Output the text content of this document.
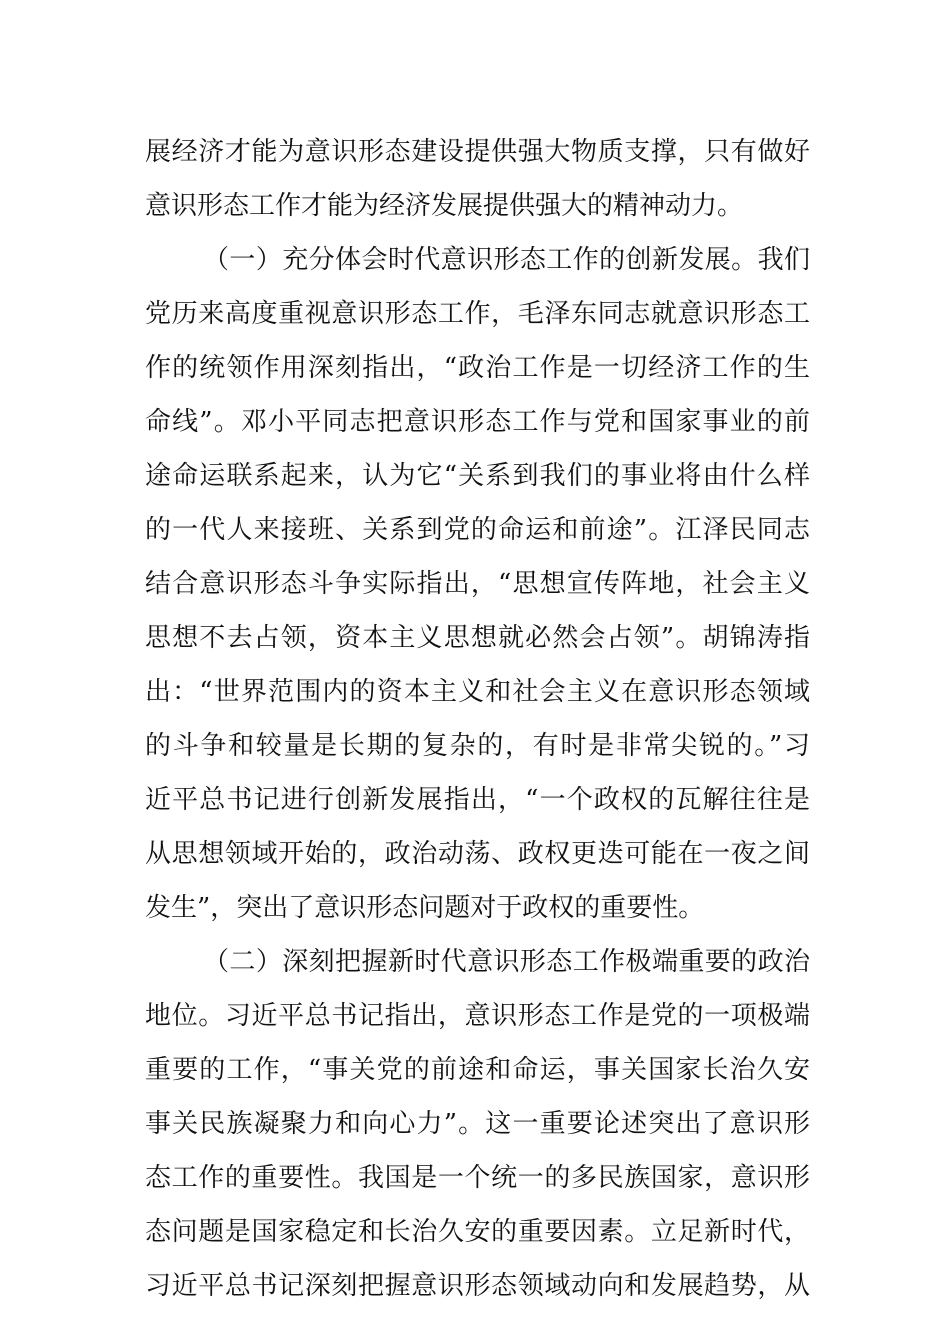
展经济才能为意识形态建设提供强大物质支撑，只有做好
意识形态工作才能为经济发展提供强大的精神动力。
（一）充分体会时代意识形态工作的创新发展。我们
党历来高度重视意识形态工作，毛泽东同志就意识形态工
作的统领作用深刻指出，“政治工作是一切经济工作的生
命线”。邓小平同志把意识形态工作与党和国家事业的前
途命运联系起来，认为它“关系到我们的事业将由什么样
的一代人来接班、关系到党的命运和前途”。江泽民同志
结合意识形态斗争实际指出，“思想宣传阵地，社会主义
思想不去占领，资本主义思想就必然会占领”。胡锦涛指
出：“世界范围内的资本主义和社会主义在意识形态领域
的斗争和较量是长期的复杂的，有时是非常尖锐的。”习
近平总书记进行创新发展指出，“一个政权的瓦解往往是
从思想领域开始的，政治动荡、政权更迭可能在一夜之间
发生”，突出了意识形态问题对于政权的重要性。
（二）深刻把握新时代意识形态工作极端重要的政治
地位。习近平总书记指出，意识形态工作是党的一项极端
重要的工作，“事关党的前途和命运，事关国家长治久安
事关民族凝聚力和向心力”。这一重要论述突出了意识形
态工作的重要性。我国是一个统一的多民族国家，意识形
态问题是国家稳定和长治久安的重要因素。立足新时代，
习近平总书记深刻把握意识形态领域动向和发展趋势，从
